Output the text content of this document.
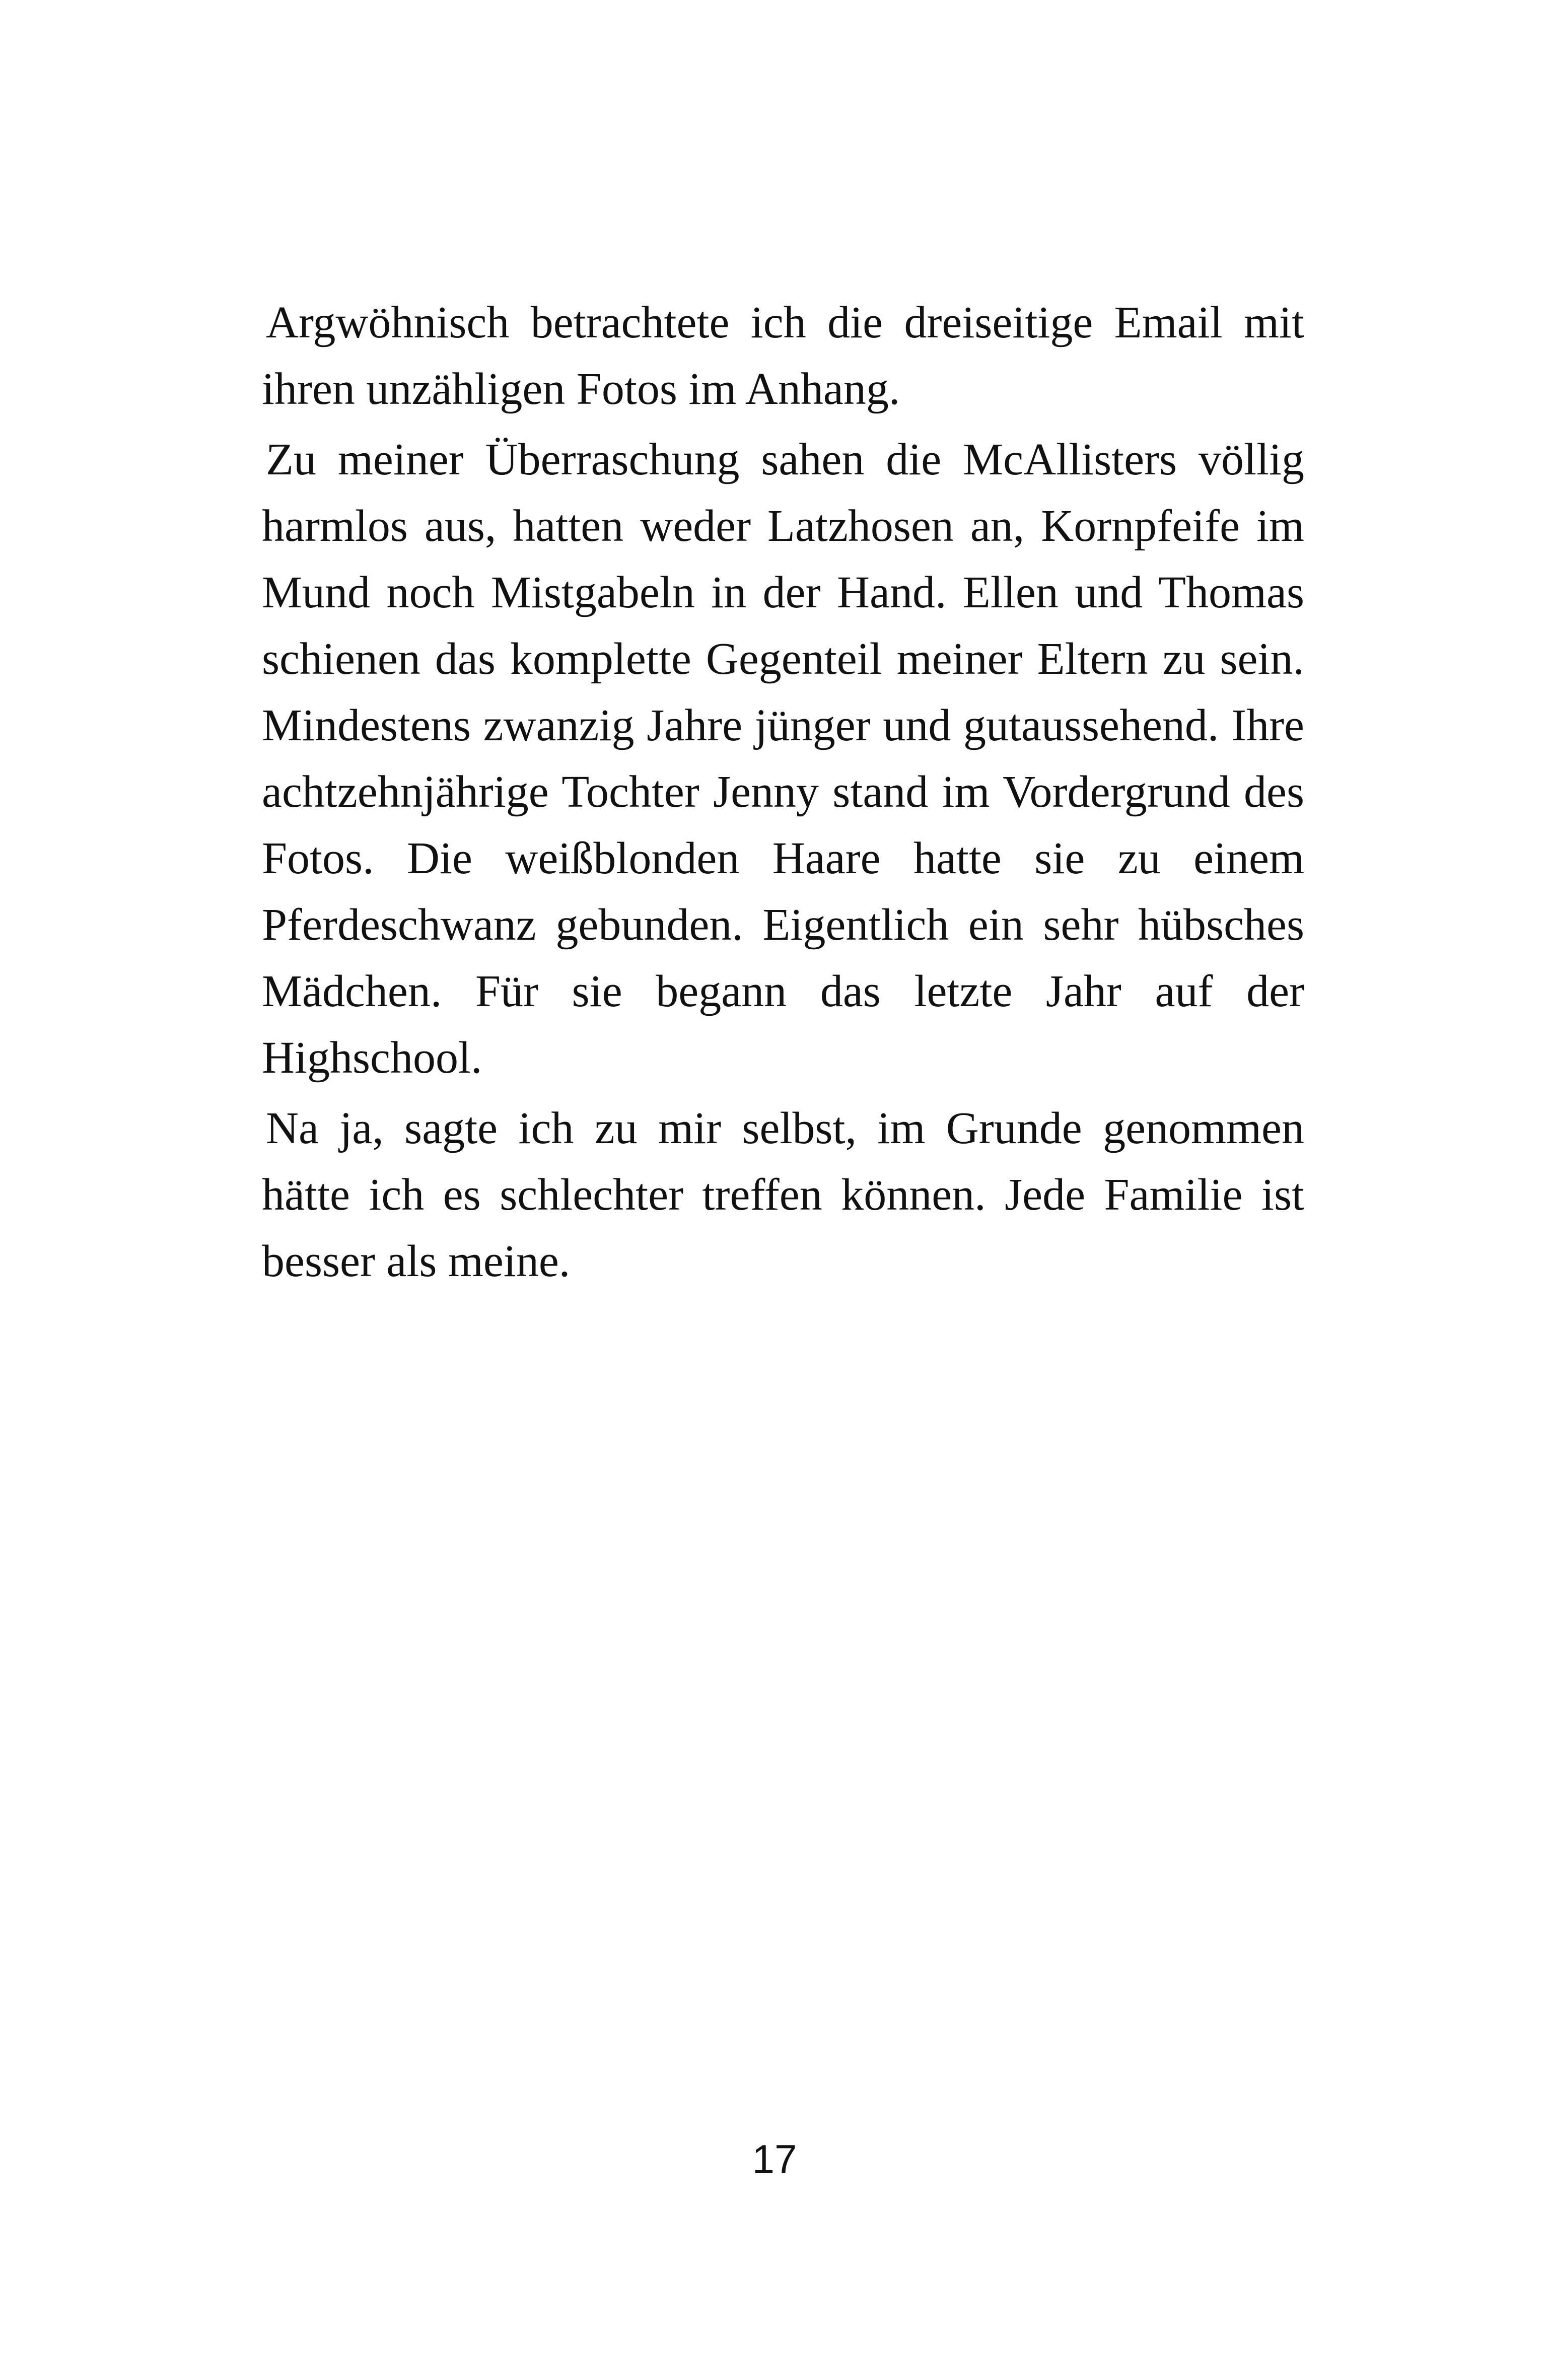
Argwöhnisch betrachtete ich die dreiseitige Email mit ihren unzähligen Fotos im Anhang.

Zu meiner Überraschung sahen die McAllisters völlig harmlos aus, hatten weder Latzhosen an, Kornpfeife im Mund noch Mistgabeln in der Hand. Ellen und Thomas schienen das komplette Gegenteil meiner Eltern zu sein. Mindestens zwanzig Jahre jünger und gutaussehend. Ihre achtzehnjährige Tochter Jenny stand im Vordergrund des Fotos. Die weißblonden Haare hatte sie zu einem Pferdeschwanz gebunden. Eigentlich ein sehr hübsches Mädchen. Für sie begann das letzte Jahr auf der Highschool.

Na ja, sagte ich zu mir selbst, im Grunde genommen hätte ich es schlechter treffen können. Jede Familie ist besser als meine.

17
